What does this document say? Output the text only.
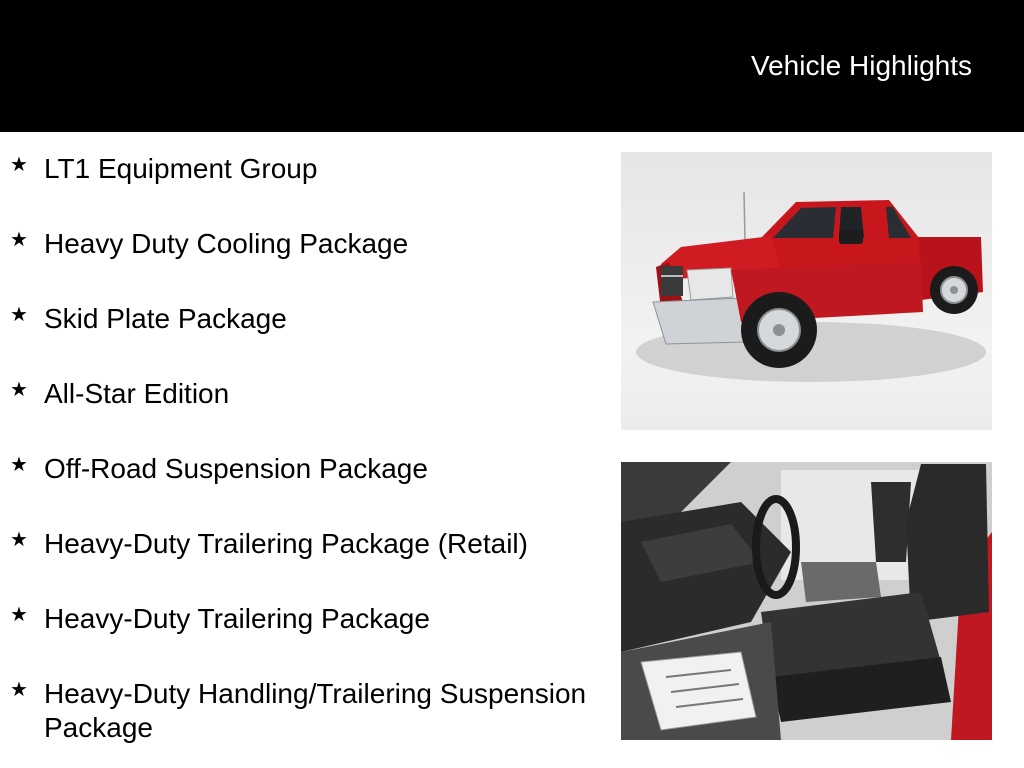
Vehicle Highlights
★ LT1 Equipment Group
★ Heavy Duty Cooling Package
★ Skid Plate Package
★ All-Star Edition
★ Off-Road Suspension Package
★ Heavy-Duty Trailering Package (Retail)
★ Heavy-Duty Trailering Package
★ Heavy-Duty Handling/Trailering Suspension Package
